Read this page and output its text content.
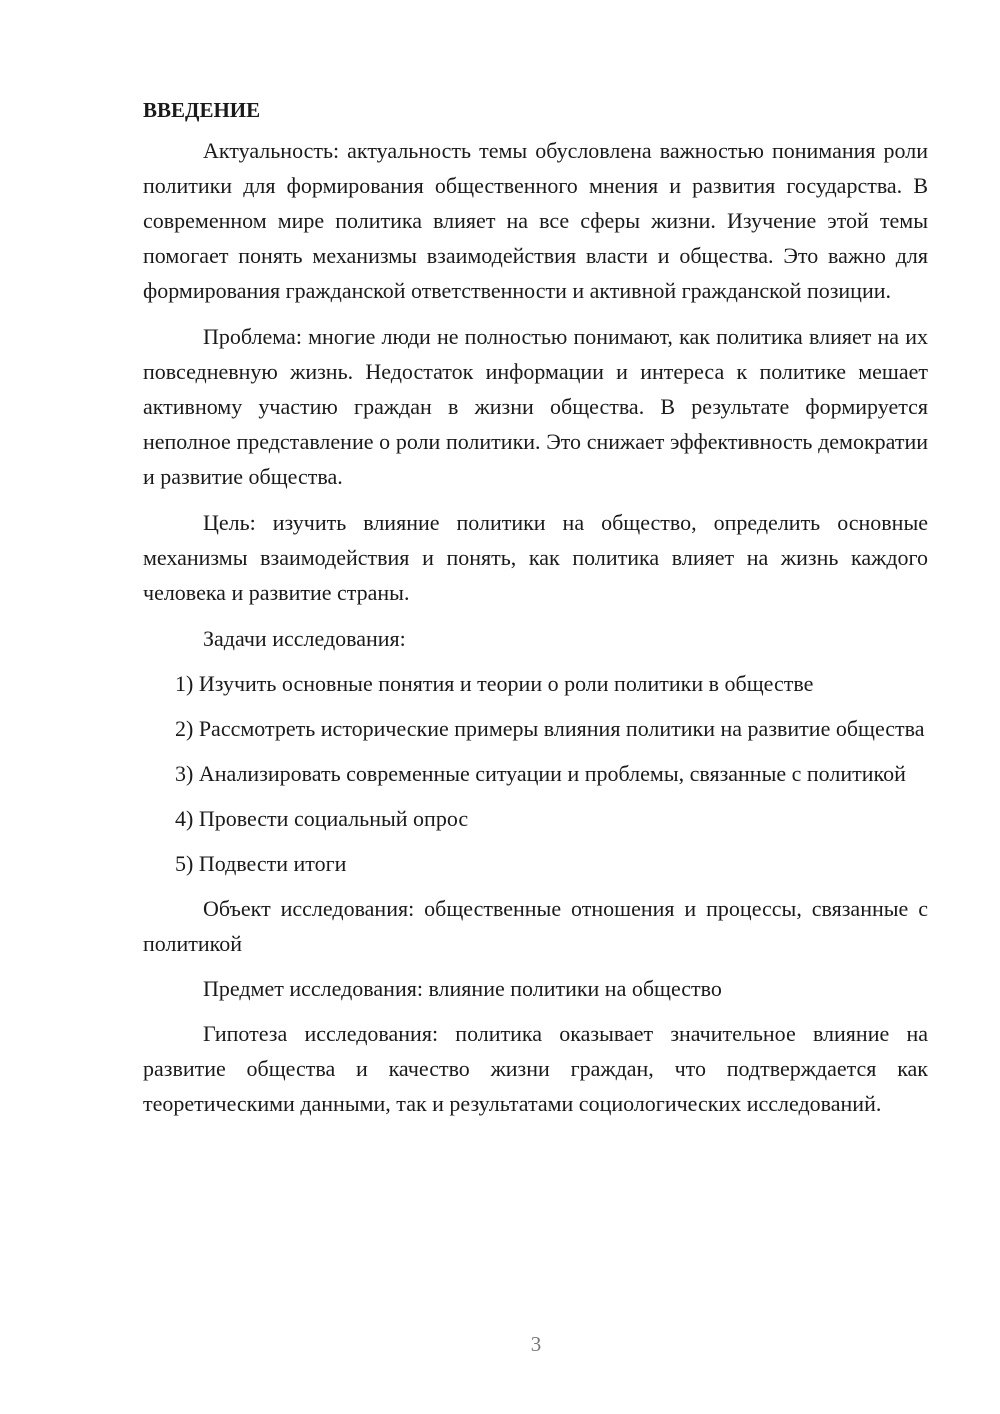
ВВЕДЕНИЕ

Актуальность: актуальность темы обусловлена важностью понимания роли политики для формирования общественного мнения и развития государства. В современном мире политика влияет на все сферы жизни. Изучение этой темы помогает понять механизмы взаимодействия власти и общества. Это важно для формирования гражданской ответственности и активной гражданской позиции.

Проблема: многие люди не полностью понимают, как политика влияет на их повседневную жизнь. Недостаток информации и интереса к политике мешает активному участию граждан в жизни общества. В результате формируется неполное представление о роли политики. Это снижает эффективность демократии и развитие общества.

Цель: изучить влияние политики на общество, определить основные механизмы взаимодействия и понять, как политика влияет на жизнь каждого человека и развитие страны.

Задачи исследования:

1) Изучить основные понятия и теории о роли политики в обществе

2) Рассмотреть исторические примеры влияния политики на развитие общества

3) Анализировать современные ситуации и проблемы, связанные с политикой

4) Провести социальный опрос

5) Подвести итоги

Объект исследования: общественные отношения и процессы, связанные с политикой

Предмет исследования: влияние политики на общество

Гипотеза исследования: политика оказывает значительное влияние на развитие общества и качество жизни граждан, что подтверждается как теоретическими данными, так и результатами социологических исследований.

3
